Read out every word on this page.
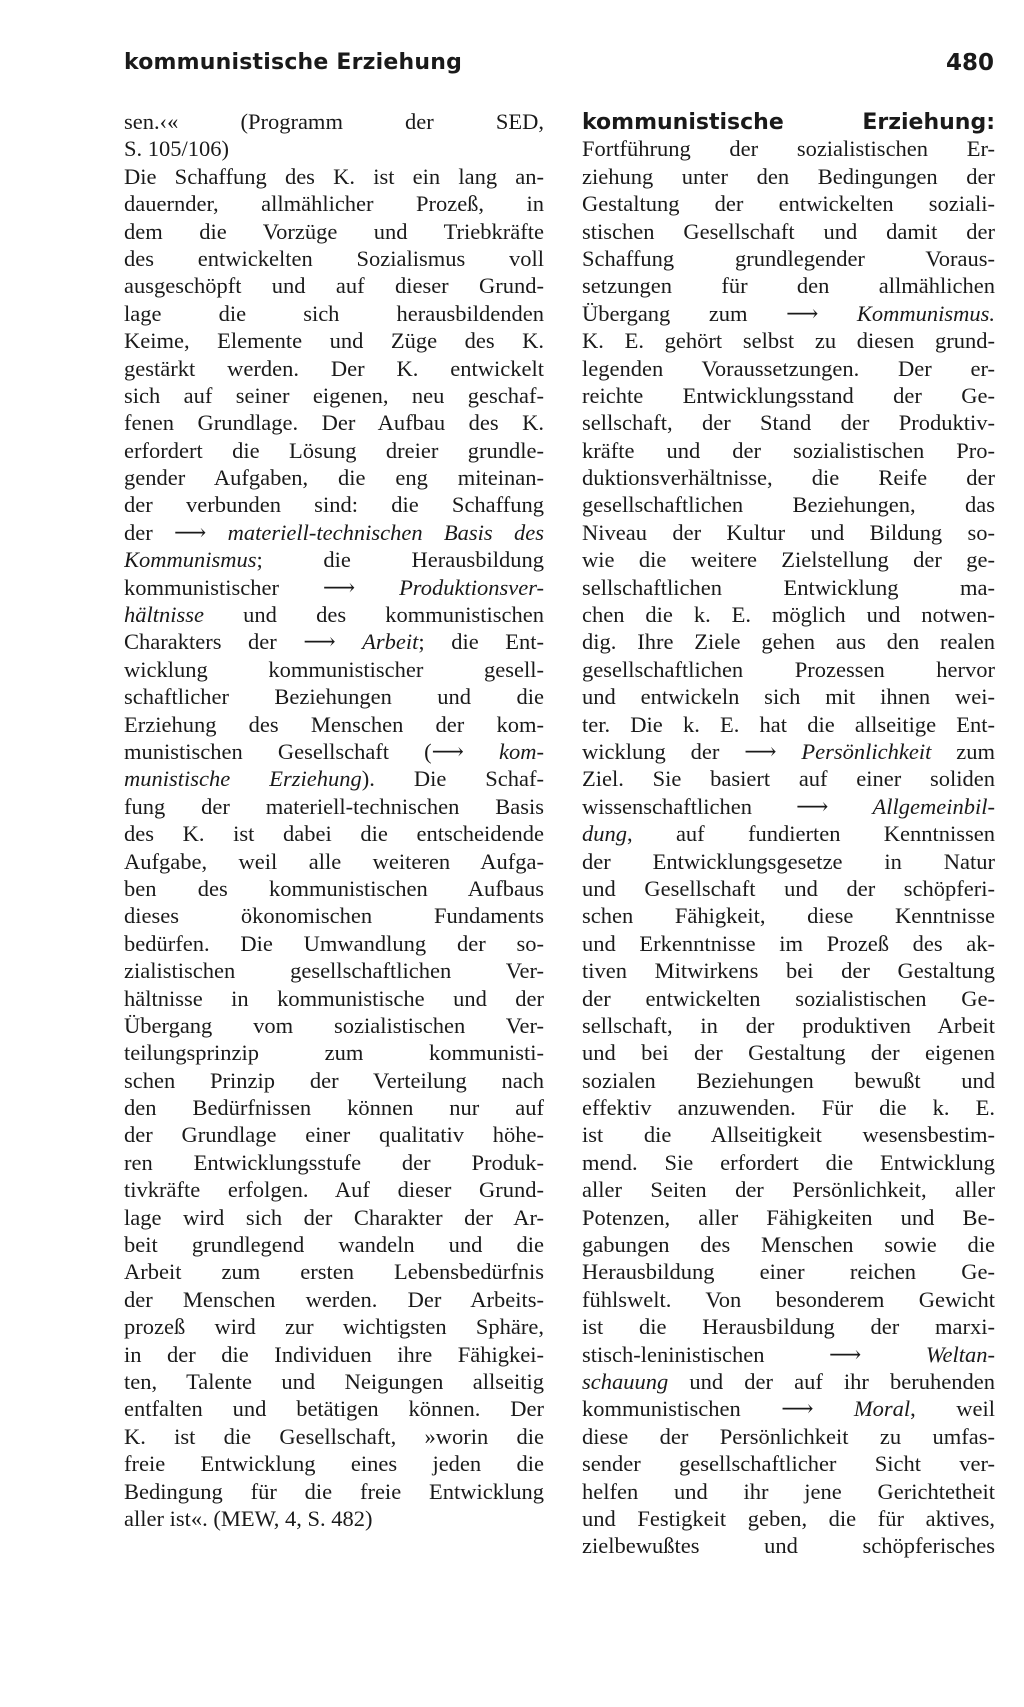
kommunistische Erziehung	480
sen.‹« (Programm der SED,
S. 105/106)
Die Schaffung des K. ist ein lang an-
dauernder, allmählicher Prozeß, in
dem die Vorzüge und Triebkräfte
des entwickelten Sozialismus voll
ausgeschöpft und auf dieser Grund-
lage die sich herausbildenden
Keime, Elemente und Züge des K.
gestärkt werden. Der K. entwickelt
sich auf seiner eigenen, neu geschaf-
fenen Grundlage. Der Aufbau des K.
erfordert die Lösung dreier grundle-
gender Aufgaben, die eng miteinan-
der verbunden sind: die Schaffung
der ⟶ materiell-technischen Basis des
Kommunismus; die Herausbildung
kommunistischer ⟶ Produktionsver-
hältnisse und des kommunistischen
Charakters der ⟶ Arbeit; die Ent-
wicklung kommunistischer gesell-
schaftlicher Beziehungen und die
Erziehung des Menschen der kom-
munistischen Gesellschaft (⟶ kom-
munistische Erziehung). Die Schaf-
fung der materiell-technischen Basis
des K. ist dabei die entscheidende
Aufgabe, weil alle weiteren Aufga-
ben des kommunistischen Aufbaus
dieses ökonomischen Fundaments
bedürfen. Die Umwandlung der so-
zialistischen gesellschaftlichen Ver-
hältnisse in kommunistische und der
Übergang vom sozialistischen Ver-
teilungsprinzip zum kommunisti-
schen Prinzip der Verteilung nach
den Bedürfnissen können nur auf
der Grundlage einer qualitativ höhe-
ren Entwicklungsstufe der Produk-
tivkräfte erfolgen. Auf dieser Grund-
lage wird sich der Charakter der Ar-
beit grundlegend wandeln und die
Arbeit zum ersten Lebensbedürfnis
der Menschen werden. Der Arbeits-
prozeß wird zur wichtigsten Sphäre,
in der die Individuen ihre Fähigkei-
ten, Talente und Neigungen allseitig
entfalten und betätigen können. Der
K. ist die Gesellschaft, »worin die
freie Entwicklung eines jeden die
Bedingung für die freie Entwicklung
aller ist«. (MEW, 4, S. 482)
kommunistische Erziehung:
Fortführung der sozialistischen Er-
ziehung unter den Bedingungen der
Gestaltung der entwickelten soziali-
stischen Gesellschaft und damit der
Schaffung grundlegender Voraus-
setzungen für den allmählichen
Übergang zum ⟶ Kommunismus.
K. E. gehört selbst zu diesen grund-
legenden Voraussetzungen. Der er-
reichte Entwicklungsstand der Ge-
sellschaft, der Stand der Produktiv-
kräfte und der sozialistischen Pro-
duktionsverhältnisse, die Reife der
gesellschaftlichen Beziehungen, das
Niveau der Kultur und Bildung so-
wie die weitere Zielstellung der ge-
sellschaftlichen Entwicklung ma-
chen die k. E. möglich und notwen-
dig. Ihre Ziele gehen aus den realen
gesellschaftlichen Prozessen hervor
und entwickeln sich mit ihnen wei-
ter. Die k. E. hat die allseitige Ent-
wicklung der ⟶ Persönlichkeit zum
Ziel. Sie basiert auf einer soliden
wissenschaftlichen ⟶ Allgemeinbil-
dung, auf fundierten Kenntnissen
der Entwicklungsgesetze in Natur
und Gesellschaft und der schöpferi-
schen Fähigkeit, diese Kenntnisse
und Erkenntnisse im Prozeß des ak-
tiven Mitwirkens bei der Gestaltung
der entwickelten sozialistischen Ge-
sellschaft, in der produktiven Arbeit
und bei der Gestaltung der eigenen
sozialen Beziehungen bewußt und
effektiv anzuwenden. Für die k. E.
ist die Allseitigkeit wesensbestim-
mend. Sie erfordert die Entwicklung
aller Seiten der Persönlichkeit, aller
Potenzen, aller Fähigkeiten und Be-
gabungen des Menschen sowie die
Herausbildung einer reichen Ge-
fühlswelt. Von besonderem Gewicht
ist die Herausbildung der marxi-
stisch-leninistischen ⟶ Weltan-
schauung und der auf ihr beruhenden
kommunistischen ⟶ Moral, weil
diese der Persönlichkeit zu umfas-
sender gesellschaftlicher Sicht ver-
helfen und ihr jene Gerichtetheit
und Festigkeit geben, die für aktives,
zielbewußtes und schöpferisches
